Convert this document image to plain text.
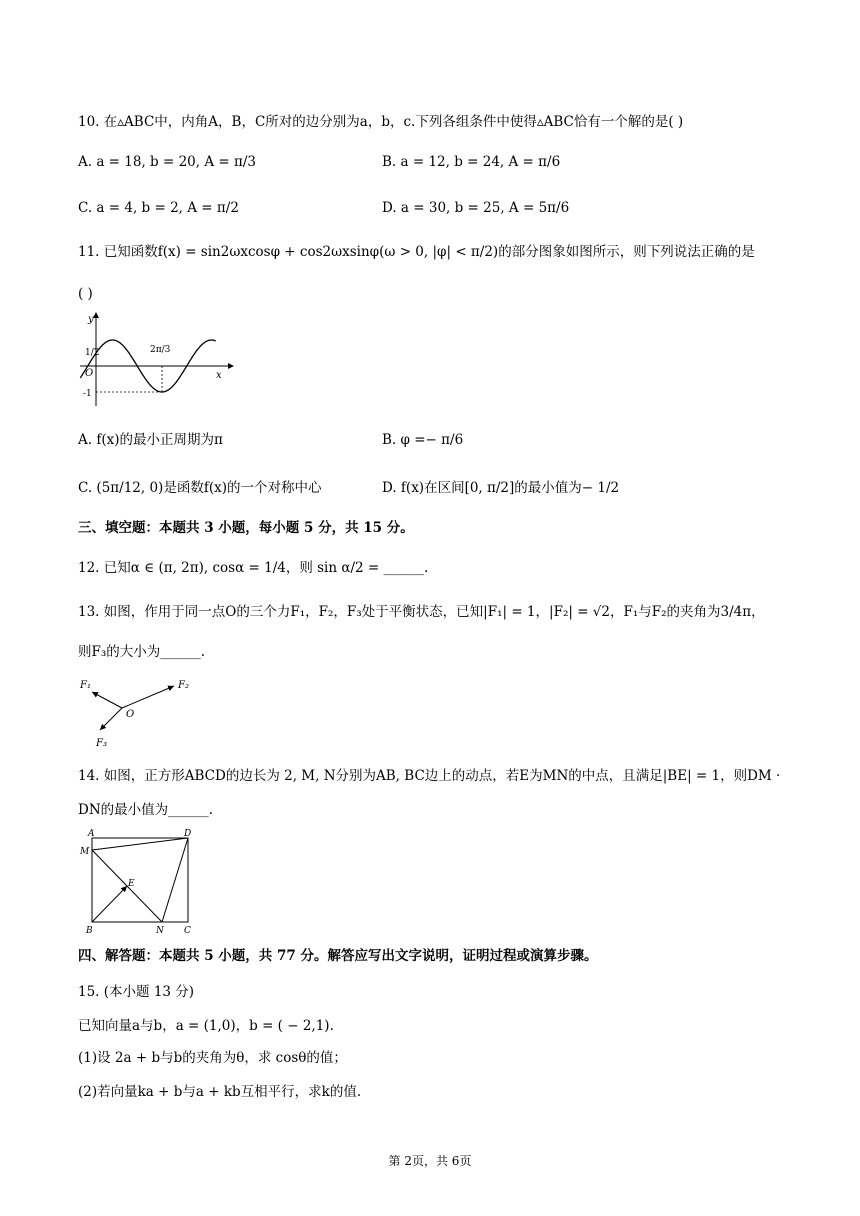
10. 在▵ABC中，内角A，B，C所对的边分别为a，b，c.下列各组条件中使得▵ABC恰有一个解的是( )
A. a = 18, b = 20, A = π/3	B. a = 12, b = 24, A = π/6
C. a = 4, b = 2, A = π/2	D. a = 30, b = 25, A = 5π/6
11. 已知函数f(x) = sin2ωxcosφ + cos2ωxsinφ(ω > 0, |φ| < π/2)的部分图象如图所示，则下列说法正确的是
( )
y
x
O
1/2
-1
2π/3
A. f(x)的最小正周期为π	B. φ =− π/6
C. (5π/12, 0)是函数f(x)的一个对称中心	D. f(x)在区间[0, π/2]的最小值为− 1/2
三、填空题：本题共 3 小题，每小题 5 分，共 15 分。
12. 已知α ∈ (π, 2π), cosα = 1/4，则 sin α/2 = ______.
13. 如图，作用于同一点O的三个力F₁，F₂，F₃处于平衡状态，已知|F₁| = 1，|F₂| = √2，F₁与F₂的夹角为3/4π，
则F₃的大小为______.
F₁	F₂
F₃
O
14. 如图，正方形ABCD的边长为 2, M, N分别为AB, BC边上的动点，若E为MN的中点，且满足|BE| = 1，则DM ·
DN的最小值为______.
A	D
M
E
B	N C
四、解答题：本题共 5 小题，共 77 分。解答应写出文字说明，证明过程或演算步骤。
15. (本小题 13 分)
已知向量a与b，a = (1,0)，b = ( − 2,1).
(1)设 2a + b与b的夹角为θ，求 cosθ的值；
(2)若向量ka + b与a + kb互相平行，求k的值.
第 2页，共 6页
